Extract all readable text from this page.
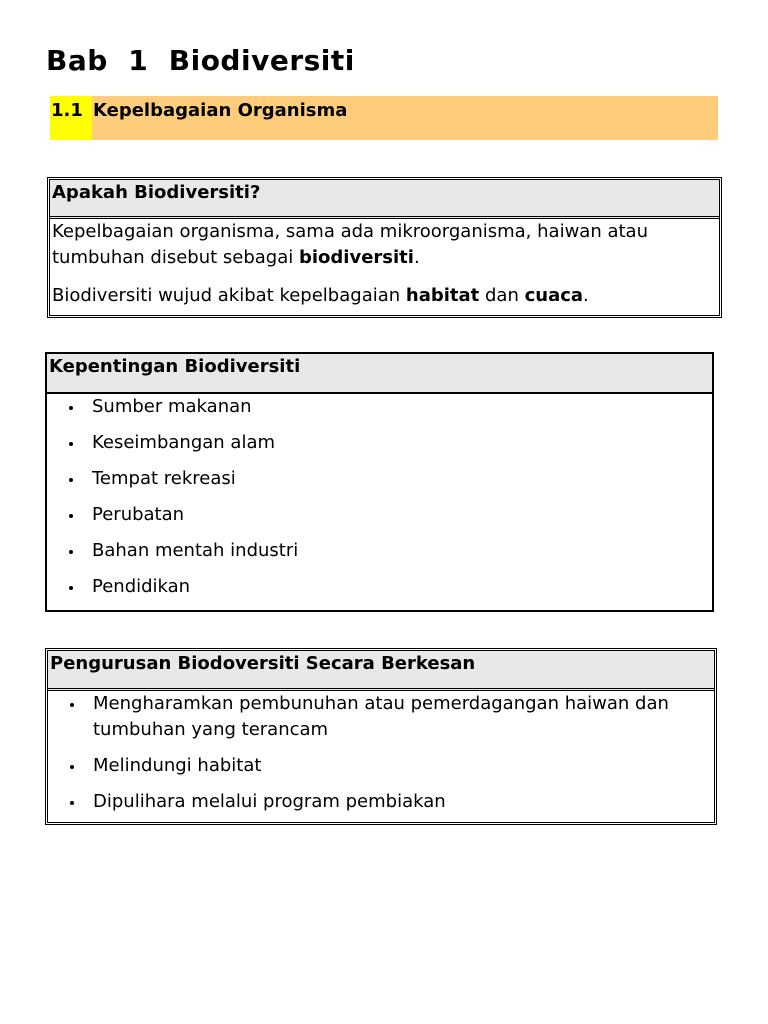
Bab  1  Biodiversiti
1.1 Kepelbagaian Organisma
Apakah Biodiversiti?

Kepelbagaian organisma, sama ada mikroorganisma, haiwan atau tumbuhan disebut sebagai biodiversiti.

Biodiversiti wujud akibat kepelbagaian habitat dan cuaca.

Kepentingan Biodiversiti
Sumber makanan
Keseimbangan alam
Tempat rekreasi
Perubatan
Bahan mentah industri
Pendidikan
Pengurusan Biodoversiti Secara Berkesan
Mengharamkan pembunuhan atau pemerdagangan haiwan dan tumbuhan yang terancam
Melindungi habitat
Dipulihara melalui program pembiakan
